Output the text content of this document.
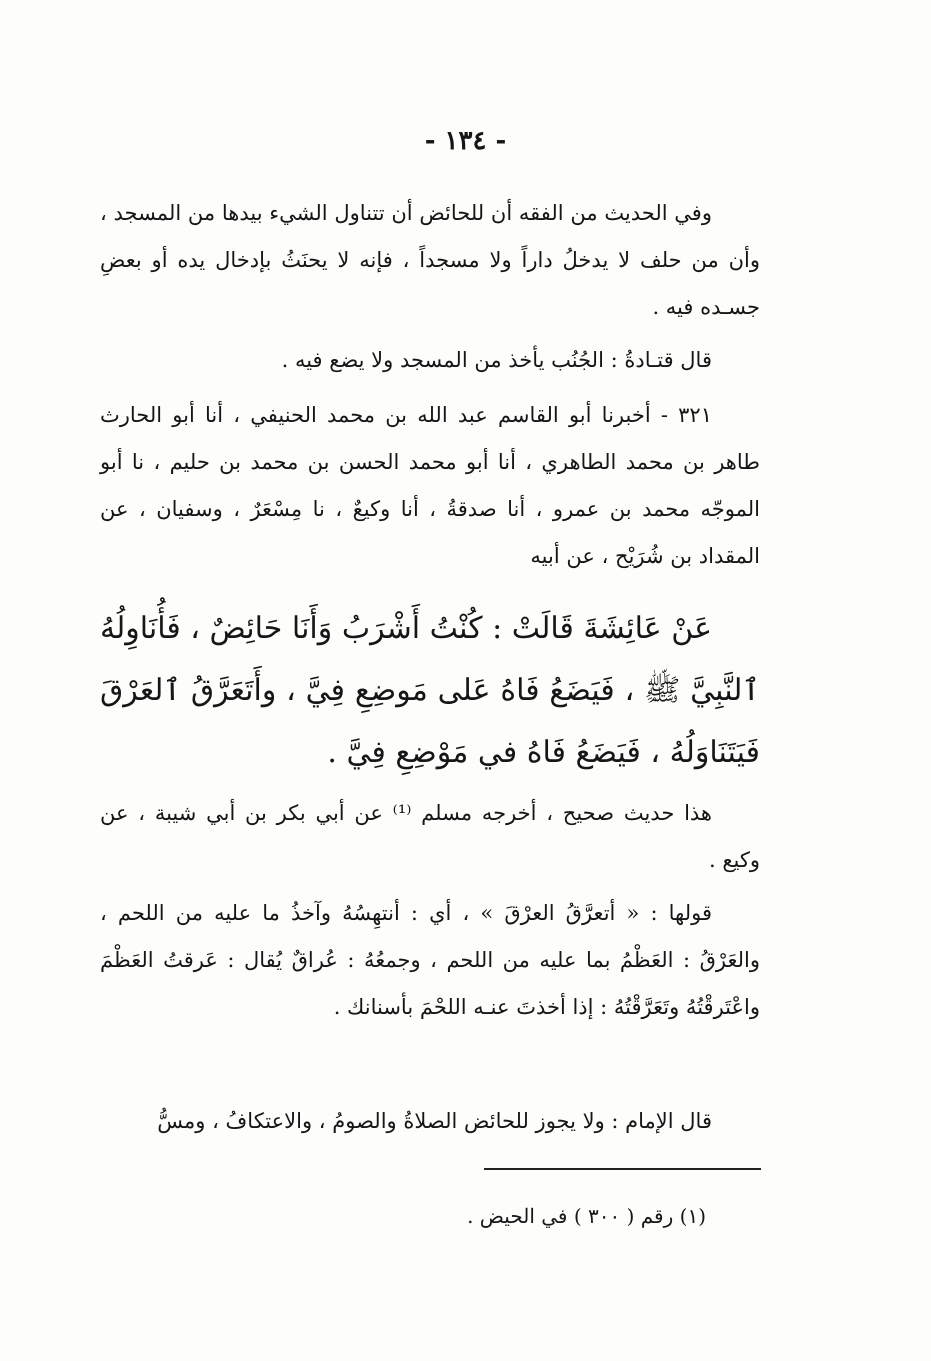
- ١٣٤ -

وفي الحديث من الفقه أن للحائض أن تتناول الشيء بيدها من المسجد ، وأن من حلف لا يدخلُ داراً ولا مسجداً ، فإنه لا يحنَثُ بإدخال يده أو بعضِ جسـده فيه .

قال قتـادةُ : الجُنُب يأخذ من المسجد ولا يضع فيه .

٣٢١ - أخبرنا أبو القاسم عبد الله بن محمد الحنيفي ، أنا أبو الحارث طاهر بن محمد الطاهري ، أنا أبو محمد الحسن بن محمد بن حليم ، نا أبو الموجّه محمد بن عمرو ، أنا صدقةُ ، أنا وكيعٌ ، نا مِسْعَرٌ ، وسفيان ، عن المقداد بن شُرَيْح ، عن أبيه

عَنْ عَائِشَةَ قَالَتْ : كُنْتُ أَشْرَبُ وَأَنَا حَائِضٌ ، فَأُنَاوِلُهُ ٱلنَّبِيَّ ﷺ ، فَيَضَعُ فَاهُ عَلى مَوضِعِ فِيَّ ، وأَتَعَرَّقُ ٱلعَرْقَ فَيَتَنَاوَلُهُ ، فَيَضَعُ فَاهُ في مَوْضِعِ فِيَّ .

هذا حديث صحيح ، أخرجه مسلم ⁽¹⁾ عن أبي بكر بن أبي شيبة ، عن وكيع .

قولها : « أتعرَّقُ العرْقَ » ، أي : أنتهِسُهُ وآخذُ ما عليه من اللحم ، والعَرْقُ : العَظْمُ بما عليه من اللحم ، وجمعُهُ : عُراقٌ يُقال : عَرقتُ العَظْمَ واعْتَرقْتُهُ وتَعَرَّقْتُهُ : إذا أخذتَ عنـه اللحْمَ بأسنانك .

قال الإمام : ولا يجوز للحائض الصلاةُ والصومُ ، والاعتكافُ ، ومسُّ

(١) رقم ( ٣٠٠ ) في الحيض .
